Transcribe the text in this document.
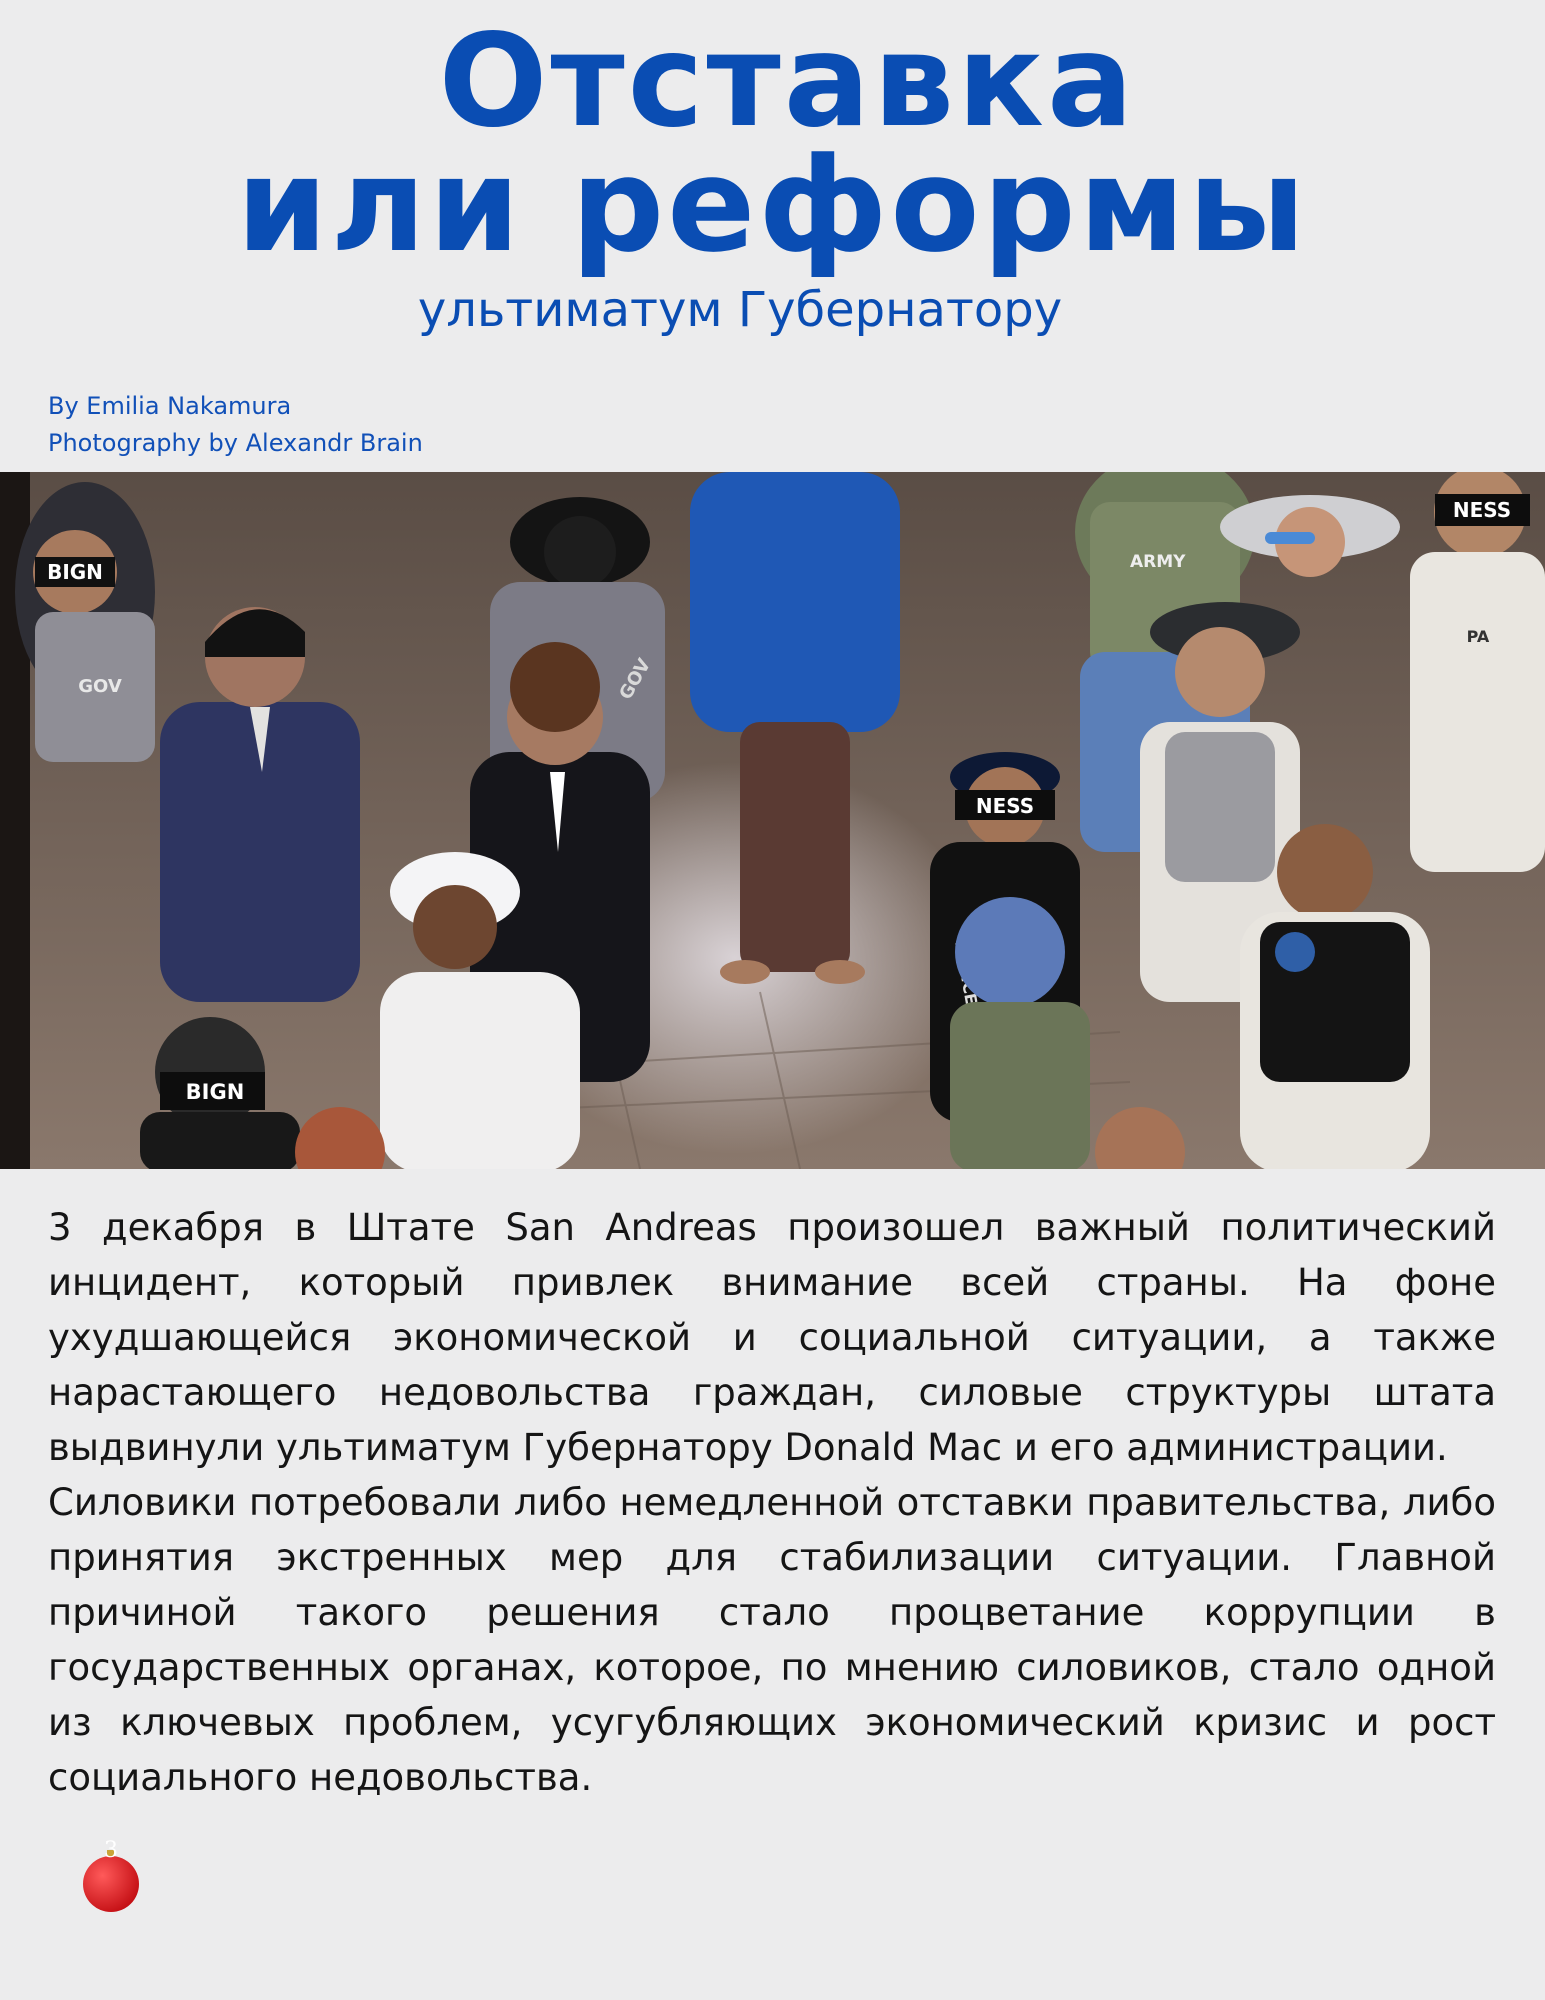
Отставка
или реформы
ультиматум Губернатору
By Emilia Nakamura
Photography by Alexandr Brain
BIGN
GOV	GOV
ARMY
NESS
PA
NESS
BIGN

3 декабря в Штате San Andreas произошел важный политический инцидент, который привлек внимание всей страны. На фоне ухудшающейся экономической и социальной ситуации, а также нарастающего недовольства граждан, силовые структуры штата выдвинули ультиматум Губернатору Donald Mac и его администрации.

Силовики потребовали либо немедленной отставки правительства, либо принятия экстренных мер для стабилизации ситуации. Главной причиной такого решения стало процветание коррупции в государственных органах, которое, по мнению силовиков, стало одной из ключевых проблем, усугубляющих экономический кризис и рост социального недовольства.

3
